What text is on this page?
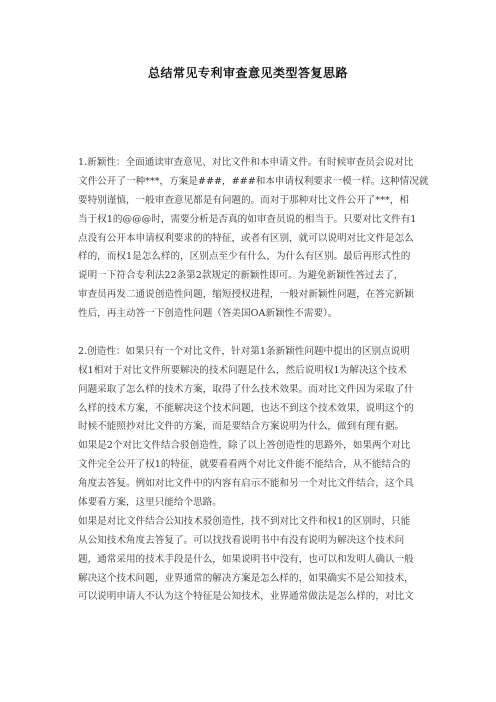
总结常见专利审查意见类型答复思路
1.新颖性：全面通读审查意见、对比文件和本申请文件。有时候审查员会说对比
文件公开了一种***，方案是###，###和本申请权利要求一模一样。这种情况就
要特别谨慎，一般审查意见都是有问题的。而对于那种对比文件公开了***，相
当于权1的@@@时，需要分析是否真的如审查员说的相当于。只要对比文件有1
点没有公开本申请权利要求的的特征，或者有区别，就可以说明对比文件是怎么
样的，而权1是怎么样的，区别点至少有什么，为什么有区别。最后再形式性的
说明一下符合专利法22条第2款规定的新颖性即可。为避免新颖性答过去了，
审查员再发二通说创造性问题，缩短授权进程，一般对新颖性问题，在答完新颖
性后，再主动答一下创造性问题（答美国OA新颖性不需要）。
2.创造性：如果只有一个对比文件，针对第1条新颖性问题中提出的区别点说明
权1相对于对比文件所要解决的技术问题是什么，然后说明权1为解决这个技术
问题采取了怎么样的技术方案，取得了什么技术效果。而对比文件因为采取了什
么样的技术方案，不能解决这个技术问题，也达不到这个技术效果，说明这个的
时候不能照抄对比文件的方案，而是要结合方案说明为什么，做到有理有据。
如果是2个对比文件结合驳创造性，除了以上答创造性的思路外，如果两个对比
文件完全公开了权1的特征，就要看看两个对比文件能不能结合，从不能结合的
角度去答复。例如对比文件中的内容有启示不能和另一个对比文件结合，这个具
体要看方案，这里只能给个思路。
如果是对比文件结合公知技术驳创造性，找不到对比文件和权1的区别时，只能
从公知技术角度去答复了。可以找找看说明书中有没有说明为解决这个技术问
题，通常采用的技术手段是什么，如果说明书中没有，也可以和发明人确认一般
解决这个技术问题，业界通常的解决方案是怎么样的，如果确实不是公知技术，
可以说明申请人不认为这个特征是公知技术，业界通常做法是怎么样的，对比文
